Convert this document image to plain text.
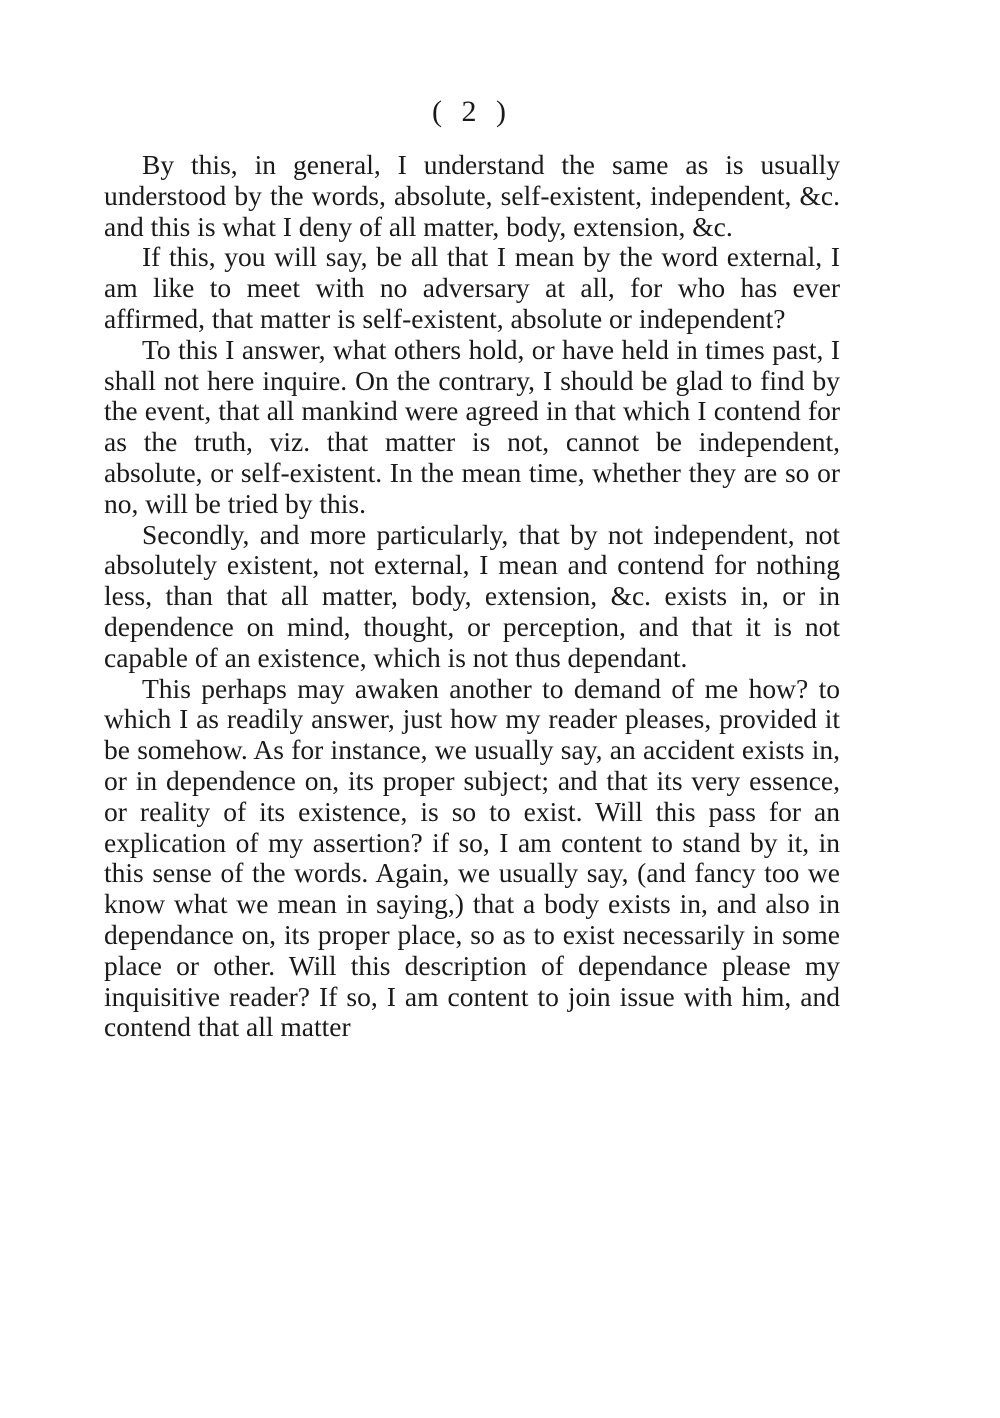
( 2 )

By this, in general, I understand the same as is usually understood by the words, absolute, self-existent, independent, &c. and this is what I deny of all matter, body, extension, &c.

If this, you will say, be all that I mean by the word external, I am like to meet with no adversary at all, for who has ever affirmed, that matter is self-existent, absolute or independent?

To this I answer, what others hold, or have held in times past, I shall not here inquire. On the contrary, I should be glad to find by the event, that all mankind were agreed in that which I contend for as the truth, viz. that matter is not, cannot be independent, absolute, or self-existent. In the mean time, whether they are so or no, will be tried by this.

Secondly, and more particularly, that by not independent, not absolutely existent, not external, I mean and contend for nothing less, than that all matter, body, extension, &c. exists in, or in dependence on mind, thought, or perception, and that it is not capable of an existence, which is not thus dependant.

This perhaps may awaken another to demand of me how? to which I as readily answer, just how my reader pleases, provided it be somehow. As for instance, we usually say, an accident exists in, or in dependence on, its proper subject; and that its very essence, or reality of its existence, is so to exist. Will this pass for an explication of my assertion? if so, I am content to stand by it, in this sense of the words. Again, we usually say, (and fancy too we know what we mean in saying,) that a body exists in, and also in dependance on, its proper place, so as to exist necessarily in some place or other. Will this description of dependance please my inquisitive reader? If so, I am content to join issue with him, and contend that all matter
